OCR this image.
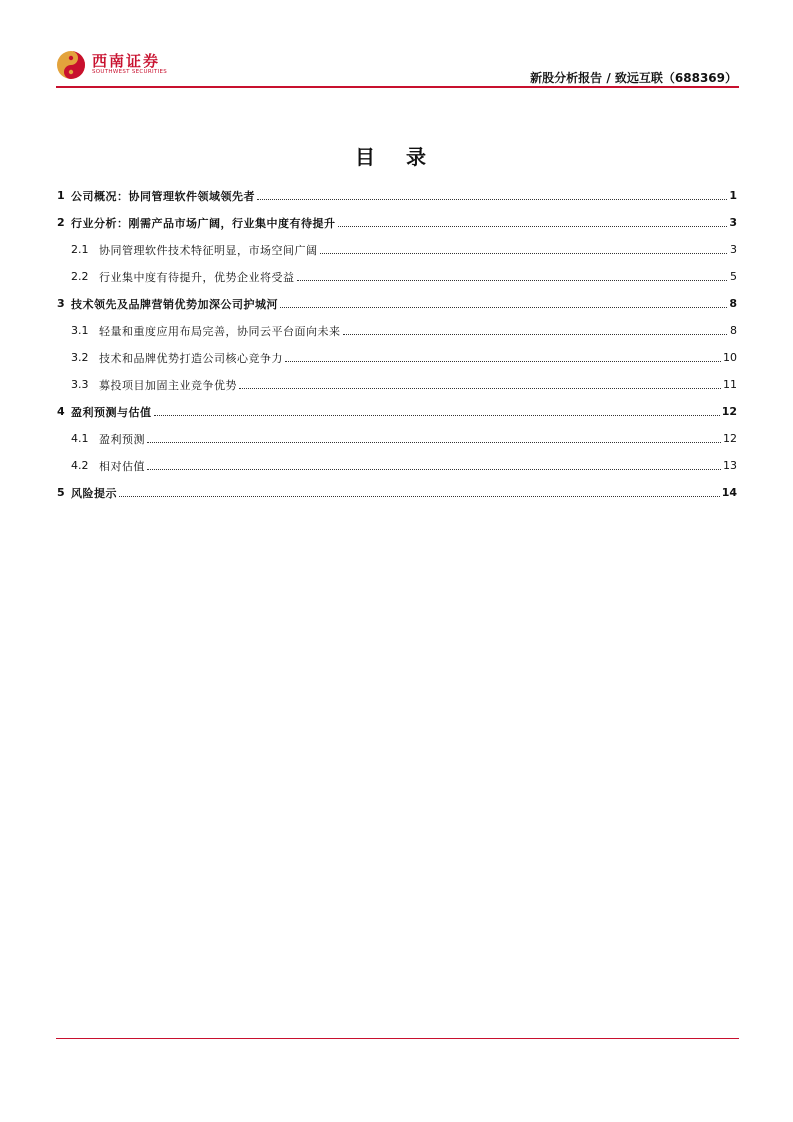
西南证券
SOUTHWEST SECURITIES	新股分析报告 / 致远互联（688369）
目 录
1 公司概况：协同管理软件领域领先者	1
2 行业分析：刚需产品市场广阔，行业集中度有待提升	3
2.1 协同管理软件技术特征明显，市场空间广阔	3
2.2 行业集中度有待提升，优势企业将受益	5
3 技术领先及品牌营销优势加深公司护城河	8
3.1 轻量和重度应用布局完善，协同云平台面向未来	8
3.2 技术和品牌优势打造公司核心竞争力	10
3.3 募投项目加固主业竞争优势	11
4 盈利预测与估值	12
4.1 盈利预测	12
4.2 相对估值	13
5 风险提示	14
